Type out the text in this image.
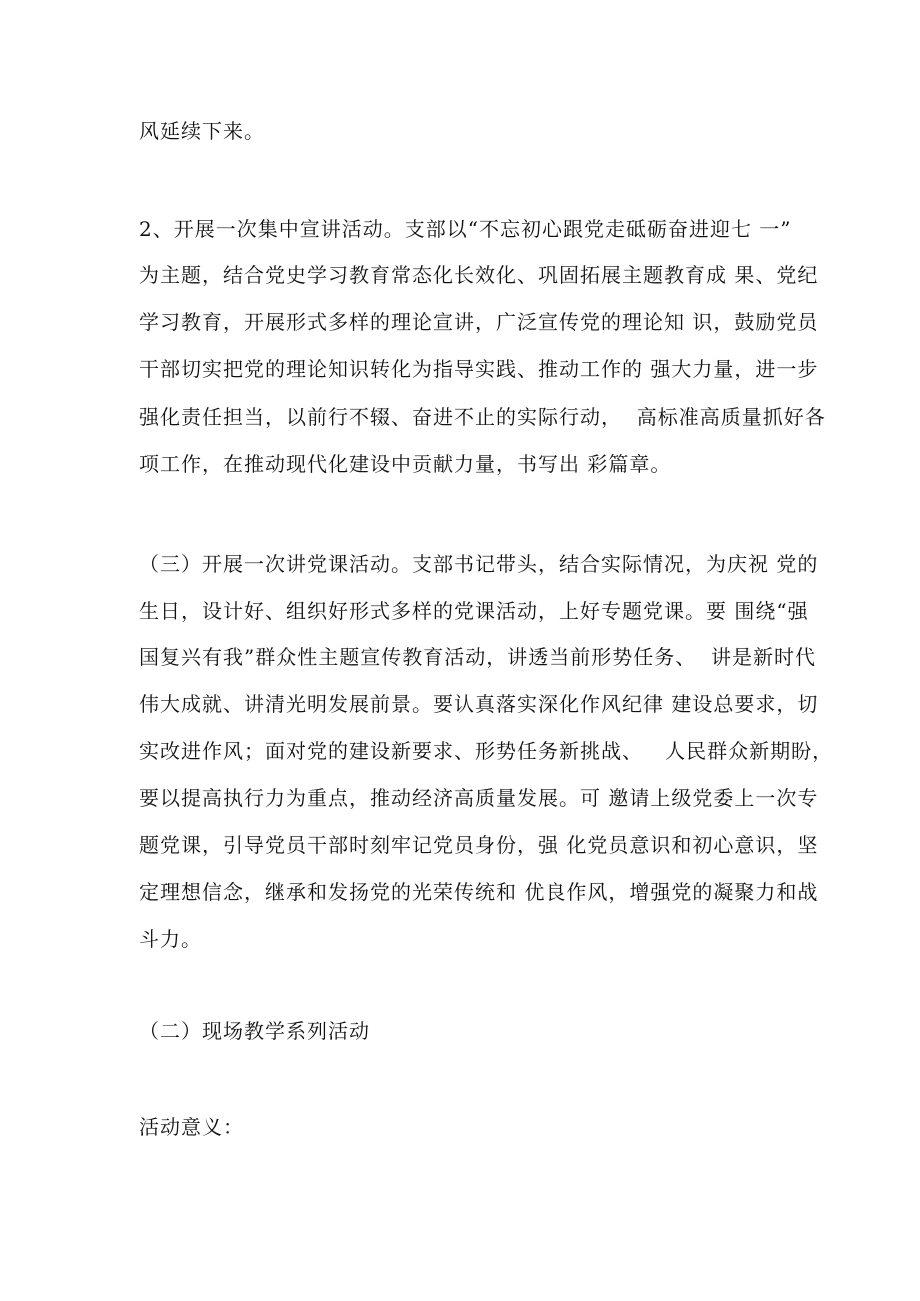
风延续下来。
2、开展一次集中宣讲活动。支部以“不忘初心跟党走砥砺奋进迎七 一”
为主题，结合党史学习教育常态化长效化、巩固拓展主题教育成 果、党纪
学习教育，开展形式多样的理论宣讲，广泛宣传党的理论知 识，鼓励党员
干部切实把党的理论知识转化为指导实践、推动工作的 强大力量，进一步
强化责任担当，以前行不辍、奋进不止的实际行动，  高标准高质量抓好各
项工作，在推动现代化建设中贡献力量，书写出 彩篇章。
（三）开展一次讲党课活动。支部书记带头，结合实际情况，为庆祝 党的
生日，设计好、组织好形式多样的党课活动，上好专题党课。要 围绕“强
国复兴有我”群众性主题宣传教育活动，讲透当前形势任务、  讲是新时代
伟大成就、讲清光明发展前景。要认真落实深化作风纪律 建设总要求，切
实改进作风；面对党的建设新要求、形势任务新挑战、   人民群众新期盼，
要以提高执行力为重点，推动经济高质量发展。可 邀请上级党委上一次专
题党课，引导党员干部时刻牢记党员身份，强 化党员意识和初心意识，坚
定理想信念，继承和发扬党的光荣传统和 优良作风，增强党的凝聚力和战
斗力。
（二）现场教学系列活动
活动意义：
